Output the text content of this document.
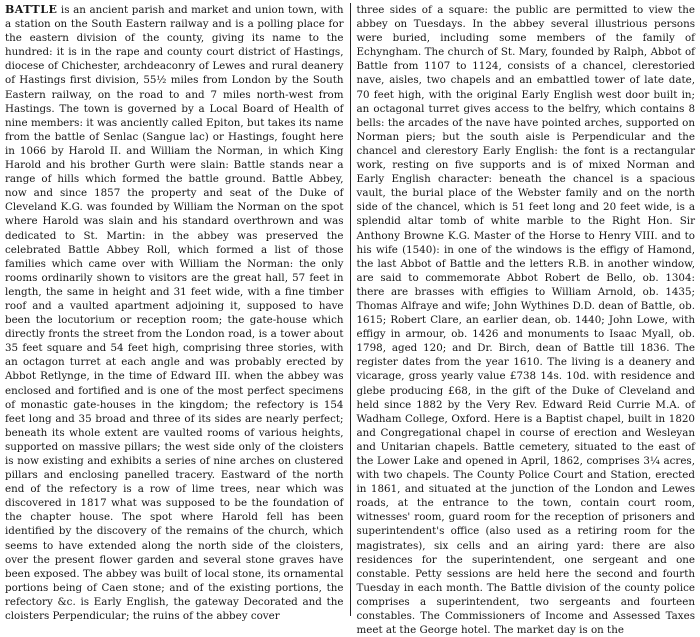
BATTLE is an ancient parish and market and union town, with a station on the South Eastern railway and is a polling place for the eastern division of the county, giving its name to the hundred: it is in the rape and county court district of Hastings, diocese of Chichester, archdeaconry of Lewes and rural deanery of Hastings first division, 55½ miles from London by the South Eastern railway, on the road to and 7 miles north-west from Hastings. The town is governed by a Local Board of Health of nine members: it was anciently called Epiton, but takes its name from the battle of Senlac (Sangue lac) or Hastings, fought here in 1066 by Harold II. and William the Norman, in which King Harold and his brother Gurth were slain: Battle stands near a range of hills which formed the battle ground. Battle Abbey, now and since 1857 the property and seat of the Duke of Cleveland K.G. was founded by William the Norman on the spot where Harold was slain and his standard overthrown and was dedicated to St. Martin: in the abbey was preserved the celebrated Battle Abbey Roll, which formed a list of those families which came over with William the Norman: the only rooms ordinarily shown to visitors are the great hall, 57 feet in length, the same in height and 31 feet wide, with a fine timber roof and a vaulted apartment adjoining it, supposed to have been the locutorium or reception room; the gate-house which directly fronts the street from the London road, is a tower about 35 feet square and 54 feet high, comprising three stories, with an octagon turret at each angle and was probably erected by Abbot Retlynge, in the time of Edward III. when the abbey was enclosed and fortified and is one of the most perfect specimens of monastic gate-houses in the kingdom; the refectory is 154 feet long and 35 broad and three of its sides are nearly perfect; beneath its whole extent are vaulted rooms of various heights, supported on massive pillars; the west side only of the cloisters is now existing and exhibits a series of nine arches on clustered pillars and enclosing panelled tracery. Eastward of the north end of the refectory is a row of lime trees, near which was discovered in 1817 what was supposed to be the foundation of the chapter house. The spot where Harold fell has been identified by the discovery of the remains of the church, which seems to have extended along the north side of the cloisters, over the present flower garden and several stone graves have been exposed. The abbey was built of local stone, its ornamental portions being of Caen stone; and of the existing portions, the refectory &c. is Early English, the gateway Decorated and the cloisters Perpendicular; the ruins of the abbey cover

three sides of a square: the public are permitted to view the abbey on Tuesdays. In the abbey several illustrious persons were buried, including some members of the family of Echyngham. The church of St. Mary, founded by Ralph, Abbot of Battle from 1107 to 1124, consists of a chancel, clerestoried nave, aisles, two chapels and an embattled tower of late date, 70 feet high, with the original Early English west door built in; an octagonal turret gives access to the belfry, which contains 8 bells: the arcades of the nave have pointed arches, supported on Norman piers; but the south aisle is Perpendicular and the chancel and clerestory Early English: the font is a rectangular work, resting on five supports and is of mixed Norman and Early English character: beneath the chancel is a spacious vault, the burial place of the Webster family and on the north side of the chancel, which is 51 feet long and 20 feet wide, is a splendid altar tomb of white marble to the Right Hon. Sir Anthony Browne K.G. Master of the Horse to Henry VIII. and to his wife (1540): in one of the windows is the effigy of Hamond, the last Abbot of Battle and the letters R.B. in another window, are said to commemorate Abbot Robert de Bello, ob. 1304: there are brasses with effigies to William Arnold, ob. 1435; Thomas Alfraye and wife; John Wythines D.D. dean of Battle, ob. 1615; Robert Clare, an earlier dean, ob. 1440; John Lowe, with effigy in armour, ob. 1426 and monuments to Isaac Myall, ob. 1798, aged 120; and Dr. Birch, dean of Battle till 1836. The register dates from the year 1610. The living is a deanery and vicarage, gross yearly value £738 14s. 10d. with residence and glebe producing £68, in the gift of the Duke of Cleveland and held since 1882 by the Very Rev. Edward Reid Currie M.A. of Wadham College, Oxford. Here is a Baptist chapel, built in 1820 and Congregational chapel in course of erection and Wesleyan and Unitarian chapels. Battle cemetery, situated to the east of the Lower Lake and opened in April, 1862, comprises 3¼ acres, with two chapels. The County Police Court and Station, erected in 1861, and situated at the junction of the London and Lewes roads, at the entrance to the town, contain court room, witnesses' room, guard room for the reception of prisoners and superintendent's office (also used as a retiring room for the magistrates), six cells and an airing yard: there are also residences for the superintendent, one sergeant and one constable. Petty sessions are held here the second and fourth Tuesday in each month. The Battle division of the county police comprises a superintendent, two sergeants and fourteen constables. The Commissioners of Income and Assessed Taxes meet at the George hotel. The market day is on the
